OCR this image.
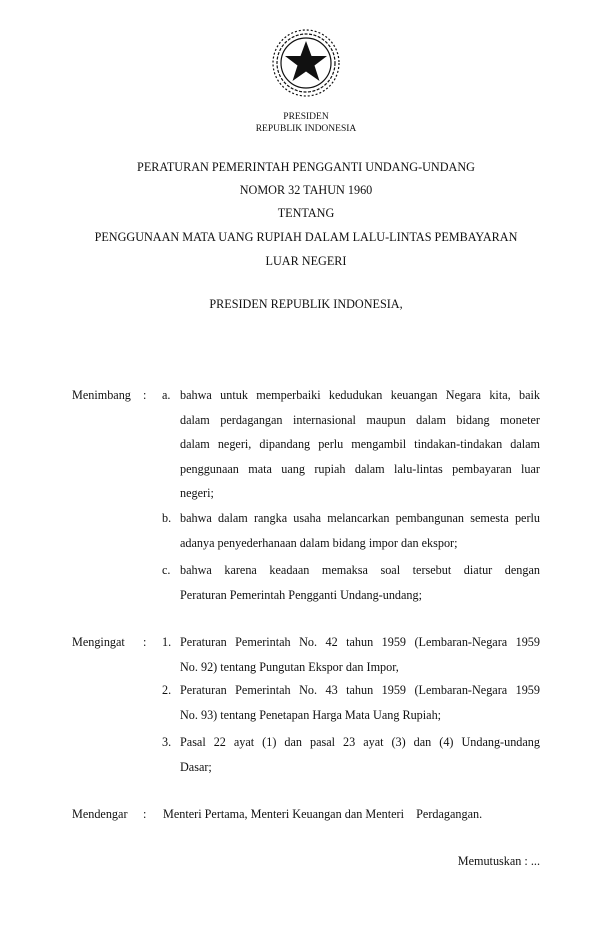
PRESIDEN
REPUBLIK INDONESIA
PERATURAN PEMERINTAH PENGGANTI UNDANG-UNDANG
NOMOR 32 TAHUN 1960
TENTANG
PENGGUNAAN MATA UANG RUPIAH DALAM LALU-LINTAS PEMBAYARAN
LUAR NEGERI
PRESIDEN REPUBLIK INDONESIA,
Menimbang : a. bahwa untuk memperbaiki kedudukan keuangan Negara kita, baik
dalam perdagangan internasional maupun dalam bidang moneter
dalam negeri, dipandang perlu mengambil tindakan-tindakan dalam
penggunaan mata uang rupiah dalam lalu-lintas pembayaran luar
negeri;
b. bahwa dalam rangka usaha melancarkan pembangunan semesta perlu
adanya penyederhanaan dalam bidang impor dan ekspor;
c. bahwa karena keadaan memaksa soal tersebut diatur dengan
Peraturan Pemerintah Pengganti Undang-undang;
Mengingat : 1. Peraturan Pemerintah No. 42 tahun 1959 (Lembaran-Negara 1959
No. 92) tentang Pungutan Ekspor dan Impor,
2. Peraturan Pemerintah No. 43 tahun 1959 (Lembaran-Negara 1959
No. 93) tentang Penetapan Harga Mata Uang Rupiah;
3. Pasal 22 ayat (1) dan pasal 23 ayat (3) dan (4) Undang-undang
Dasar;
Mendengar : Menteri Pertama, Menteri Keuangan dan Menteri    Perdagangan.
Memutuskan : ...
